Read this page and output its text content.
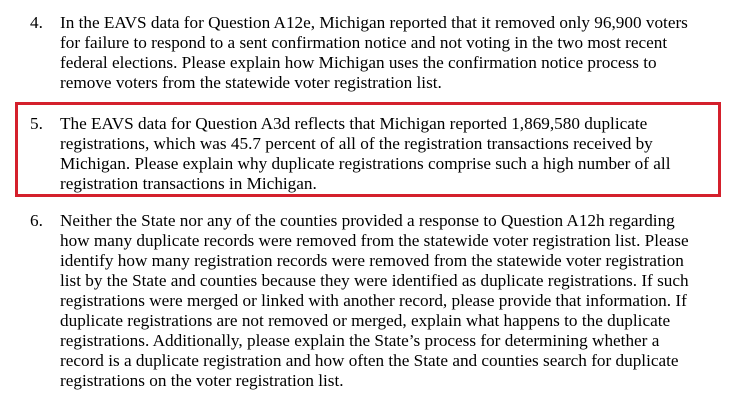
4. In the EAVS data for Question A12e, Michigan reported that it removed only 96,900 voters
for failure to respond to a sent confirmation notice and not voting in the two most recent
federal elections. Please explain how Michigan uses the confirmation notice process to
remove voters from the statewide voter registration list.
5. The EAVS data for Question A3d reflects that Michigan reported 1,869,580 duplicate
registrations, which was 45.7 percent of all of the registration transactions received by
Michigan. Please explain why duplicate registrations comprise such a high number of all
registration transactions in Michigan.
6. Neither the State nor any of the counties provided a response to Question A12h regarding
how many duplicate records were removed from the statewide voter registration list. Please
identify how many registration records were removed from the statewide voter registration
list by the State and counties because they were identified as duplicate registrations. If such
registrations were merged or linked with another record, please provide that information. If
duplicate registrations are not removed or merged, explain what happens to the duplicate
registrations. Additionally, please explain the State’s process for determining whether a
record is a duplicate registration and how often the State and counties search for duplicate
registrations on the voter registration list.
